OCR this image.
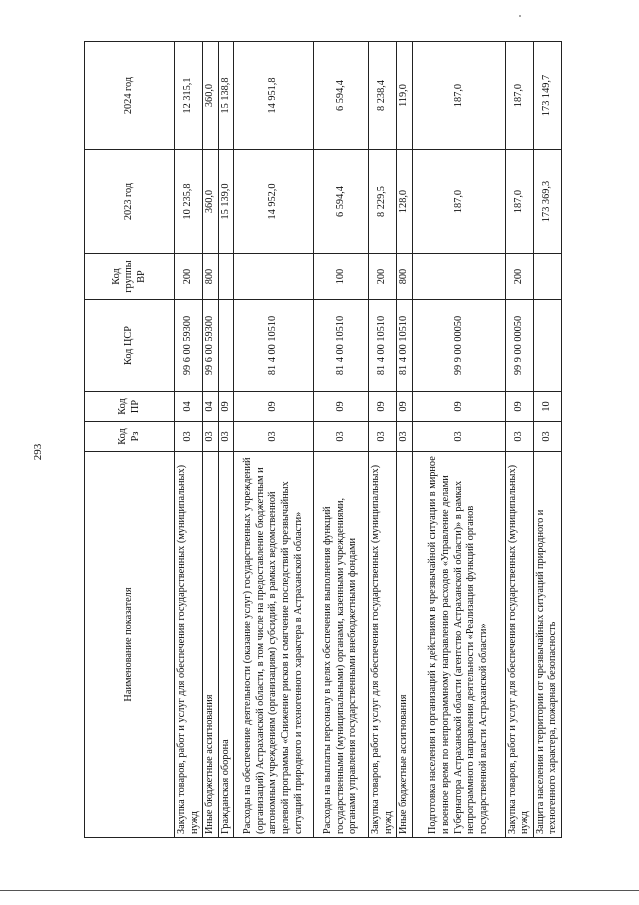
293
Наименование показателя	Код Рз	Код ПР	Код ЦСР	Код группы ВР	2023 год	2024 год
Закупка товаров, работ и услуг для обеспечения государственных (муниципальных) нужд	03	04	99 6 00 59300	200	10 235,8	12 315,1
Иные бюджетные ассигнования	03	04	99 6 00 59300	800	360,0	360,0
Гражданская оборона	03	09			15 139,0	15 138,8
Расходы на обеспечение деятельности (оказание услуг) государственных учреждений (организаций) Астраханской области, в том числе на предоставление бюджетным и автономным учреждениям (организациям) субсидий, в рамках ведомственной целевой программы «Снижение рисков и смягчение последствий чрезвычайных ситуаций природного и техногенного характера в Астраханской области»	03	09	81 4 00 10510		14 952,0	14 951,8
Расходы на выплаты персоналу в целях обеспечения выполнения функций государственными (муниципальными) органами, казенными учреждениями, органами управления государственными внебюджетными фондами	03	09	81 4 00 10510	100	6 594,4	6 594,4
Закупка товаров, работ и услуг для обеспечения государственных (муниципальных) нужд	03	09	81 4 00 10510	200	8 229,5	8 238,4
Иные бюджетные ассигнования	03	09	81 4 00 10510	800	128,0	119,0
Подготовка населения и организаций к действиям в чрезвычайной ситуации в мирное и военное время по непрограммному направлению расходов «Управление делами Губернатора Астраханской области (агентство Астраханской области)» в рамках непрограммного направления деятельности «Реализация функций органов государственной власти Астраханской области»	03	09	99 9 00 00050		187,0	187,0
Закупка товаров, работ и услуг для обеспечения государственных (муниципальных) нужд	03	09	99 9 00 00050	200	187,0	187,0
Защита населения и территории от чрезвычайных ситуаций природного и техногенного характера, пожарная безопасность	03	10			173 369,3	173 149,7
